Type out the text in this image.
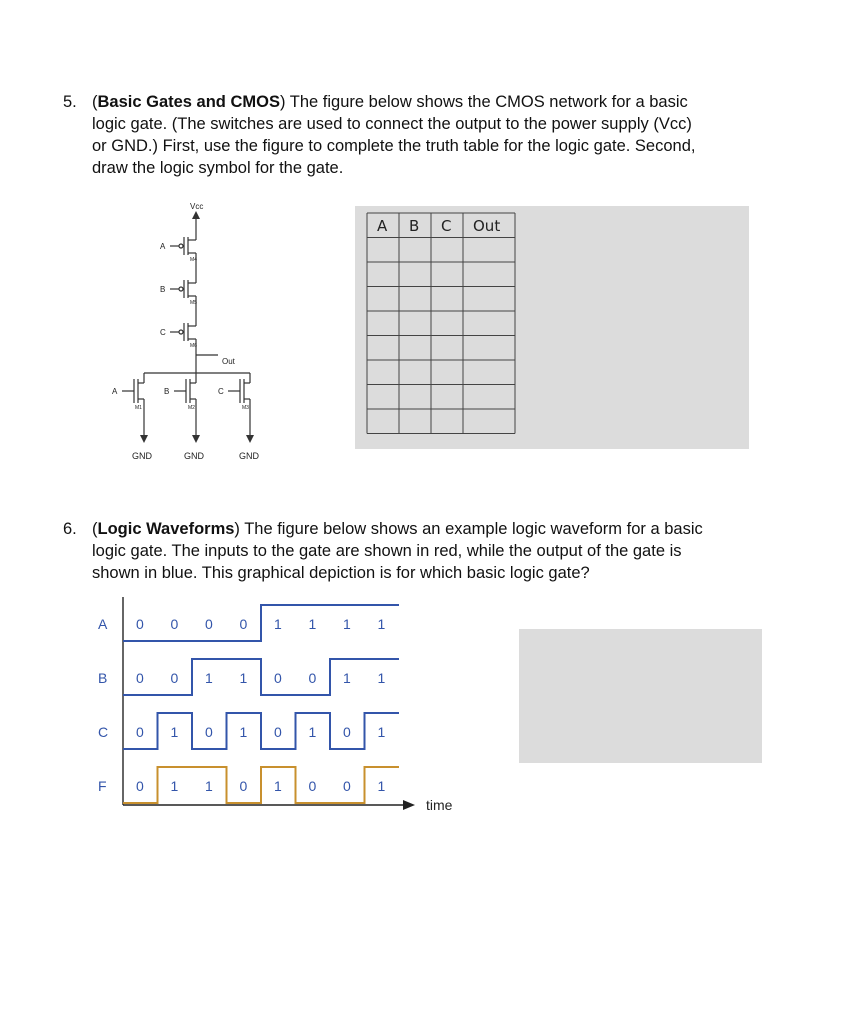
5. (Basic Gates and CMOS) The figure below shows the CMOS network for a basic
logic gate. (The switches are used to connect the output to the power supply (Vcc)
or GND.) First, use the figure to complete the truth table for the logic gate. Second,
draw the logic symbol for the gate.
Vcc
A
B
C
M4
M5
M6
Out
A	B	C
M1	M2	M3
GND	GND	GND
A B C Out
6. (Logic Waveforms) The figure below shows an example logic waveform for a basic
logic gate. The inputs to the gate are shown in red, while the output of the gate is
shown in blue. This graphical depiction is for which basic logic gate?
time
A 0 0 0 0 1 1 1 1
B 0 0 1 1 0 0 1 1
C 0 1 0 1 0 1 0 1
F 0 1 1 0 1 0 0 1
